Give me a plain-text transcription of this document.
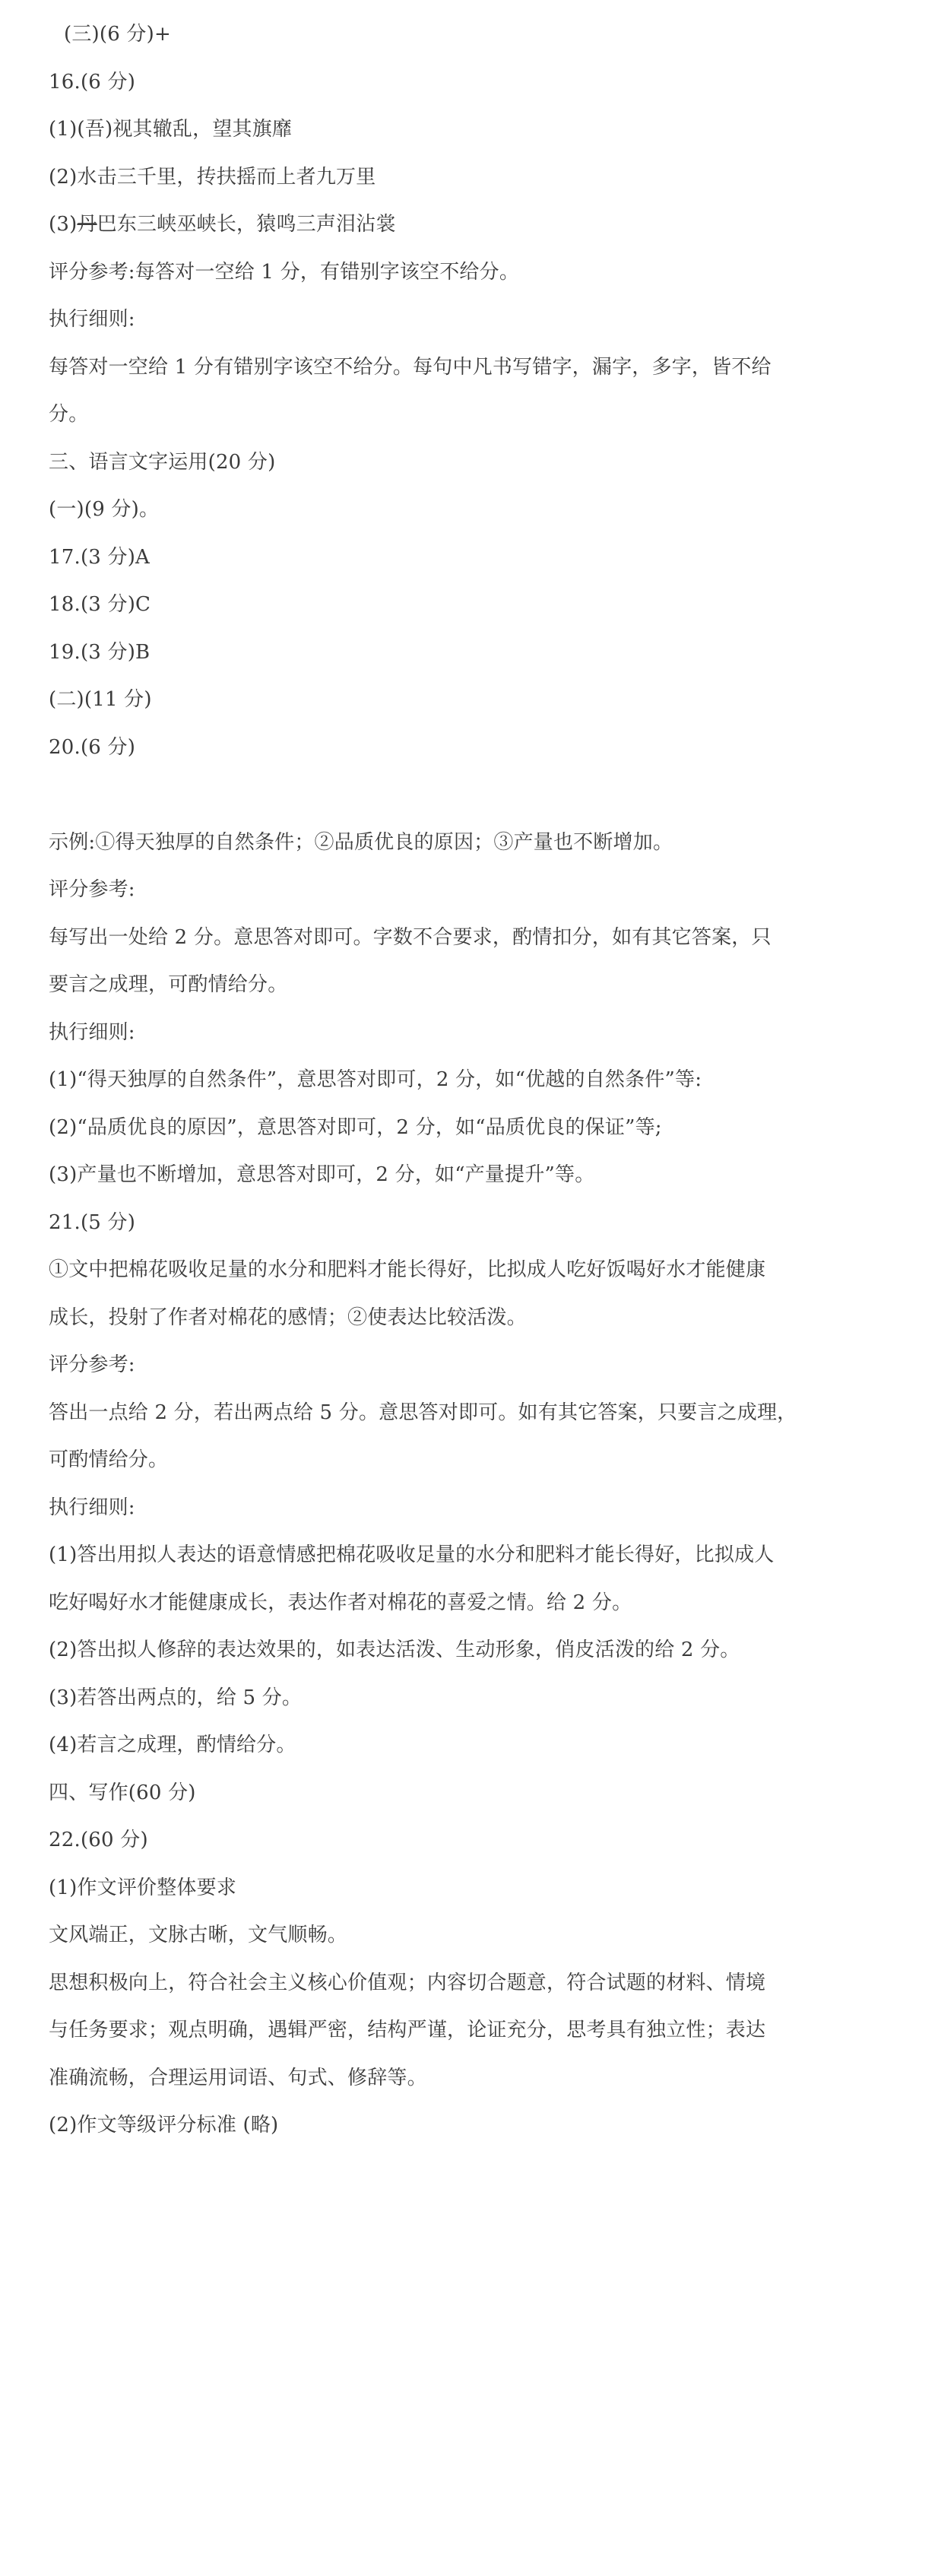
(三)(6 分)+
16.(6 分)
(1)(吾)视其辙乱，望其旗靡
(2)水击三千里，抟扶摇而上者九万里
(3)丹巴东三峡巫峡长，猿鸣三声泪沾裳
评分参考:每答对一空给 1 分，有错别字该空不给分。
执行细则:
每答对一空给 1 分有错别字该空不给分。每句中凡书写错字，漏字，多字，皆不给
分。
三、语言文字运用(20 分)
(一)(9 分)。
17.(3 分)A
18.(3 分)C
19.(3 分)B
(二)(11 分)
20.(6 分)
示例:①得天独厚的自然条件；②品质优良的原因；③产量也不断增加。
评分参考:
每写出一处给 2 分。意思答对即可。字数不合要求，酌情扣分，如有其它答案，只
要言之成理，可酌情给分。
执行细则:
(1)“得天独厚的自然条件”，意思答对即可，2 分，如“优越的自然条件”等:
(2)“品质优良的原因”，意思答对即可，2 分，如“品质优良的保证”等;
(3)产量也不断增加，意思答对即可，2 分，如“产量提升”等。
21.(5 分)
①文中把棉花吸收足量的水分和肥料才能长得好，比拟成人吃好饭喝好水才能健康
成长，投射了作者对棉花的感情；②使表达比较活泼。
评分参考:
答出一点给 2 分，若出两点给 5 分。意思答对即可。如有其它答案，只要言之成理，
可酌情给分。
执行细则:
(1)答出用拟人表达的语意情感把棉花吸收足量的水分和肥料才能长得好，比拟成人
吃好喝好水才能健康成长，表达作者对棉花的喜爱之情。给 2 分。
(2)答出拟人修辞的表达效果的，如表达活泼、生动形象，俏皮活泼的给 2 分。
(3)若答出两点的，给 5 分。
(4)若言之成理，酌情给分。
四、写作(60 分)
22.(60 分)
(1)作文评价整体要求
文风端正，文脉古晰，文气顺畅。
思想积极向上，符合社会主义核心价值观；内容切合题意，符合试题的材料、情境
与任务要求；观点明确，遇辑严密，结构严谨，论证充分，思考具有独立性；表达
准确流畅，合理运用词语、句式、修辞等。
(2)作文等级评分标准 (略)
